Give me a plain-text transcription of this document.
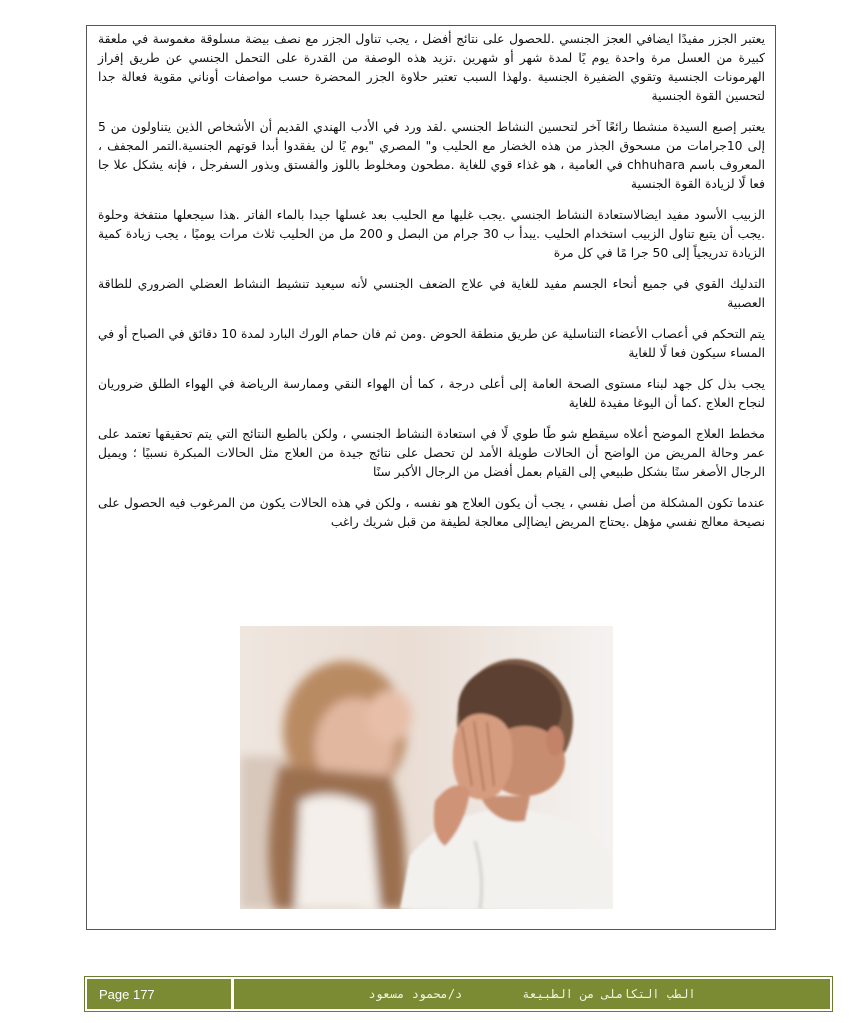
يعتبر الجزر مفيدًا ايضافي العجز الجنسي .للحصول على نتائج أفضل ، يجب تناول الجزر مع نصف بيضة مسلوقة مغموسة في ملعقة كبيرة من العسل مرة واحدة يوم يًا لمدة شهر أو شهرين .تزيد هذه الوصفة من القدرة على التحمل الجنسي عن طريق إفراز الهرمونات الجنسية وتقوي الضفيرة الجنسية .ولهذا السبب تعتبر حلاوة الجزر المحضرة حسب مواصفات أوناني مقوية فعالة جدا لتحسين القوة الجنسية

يعتبر إصبع السيدة منشطا رائعًا آخر لتحسين النشاط الجنسي .لقد ورد في الأدب الهندي القديم أن الأشخاص الذين يتناولون من 5 إلى 10جرامات من مسحوق الجذر من هذه الخضار مع الحليب و" المصري "يوم يًا لن يفقدوا أبدا قوتهم الجنسية.التمر المجفف ، المعروف باسم chhuhara في العامية ، هو غذاء قوي للغاية .مطحون ومخلوط باللوز والفستق وبذور السفرجل ، فإنه يشكل علا جا فعا لًا لزيادة القوة الجنسية

الزبيب الأسود مفيد ايضالاستعادة النشاط الجنسي .يجب غليها مع الحليب بعد غسلها جيدا بالماء الفاتر .هذا سيجعلها منتفخة وحلوة .يجب أن يتبع تناول الزبيب استخدام الحليب .يبدأ ب 30 جرام من البصل و 200 مل من الحليب ثلاث مرات يوميًا ، يجب زيادة كمية الزيادة تدريجياً إلى 50 جرا مًا في كل مرة

التدليك القوي في جميع أنحاء الجسم مفيد للغاية في علاج الضعف الجنسي لأنه سيعيد تنشيط النشاط العضلي الضروري للطاقة العصبية

يتم التحكم في أعصاب الأعضاء التناسلية عن طريق منطقة الحوض .ومن ثم فان حمام الورك البارد لمدة 10 دقائق في الصباح أو في المساء سيكون فعا لًا للغاية

يجب بذل كل جهد لبناء مستوى الصحة العامة إلى أعلى درجة ، كما أن الهواء النقي وممارسة الرياضة في الهواء الطلق ضروريان لنجاح العلاج .كما أن اليوغا مفيدة للغاية

مخطط العلاج الموضح أعلاه سيقطع شو طًا طوي لًا في استعادة النشاط الجنسي ، ولكن بالطبع النتائج التي يتم تحقيقها تعتمد على عمر وحالة المريض من الواضح أن الحالات طويلة الأمد لن تحصل على نتائج جيدة من العلاج مثل الحالات المبكرة نسبيًا ؛ ويميل الرجال الأصغر سنًا بشكل طبيعي إلى القيام بعمل أفضل من الرجال الأكبر سنًا

عندما تكون المشكلة من أصل نفسي ، يجب أن يكون العلاج هو نفسه ، ولكن في هذه الحالات يكون من المرغوب فيه الحصول على نصيحة معالج نفسي مؤهل .يحتاج المريض ايضاإلى معالجة لطيفة من قبل شريك راغب

Page 177	الطب التكاملى من الطبيعة
د/محمود مسعود
